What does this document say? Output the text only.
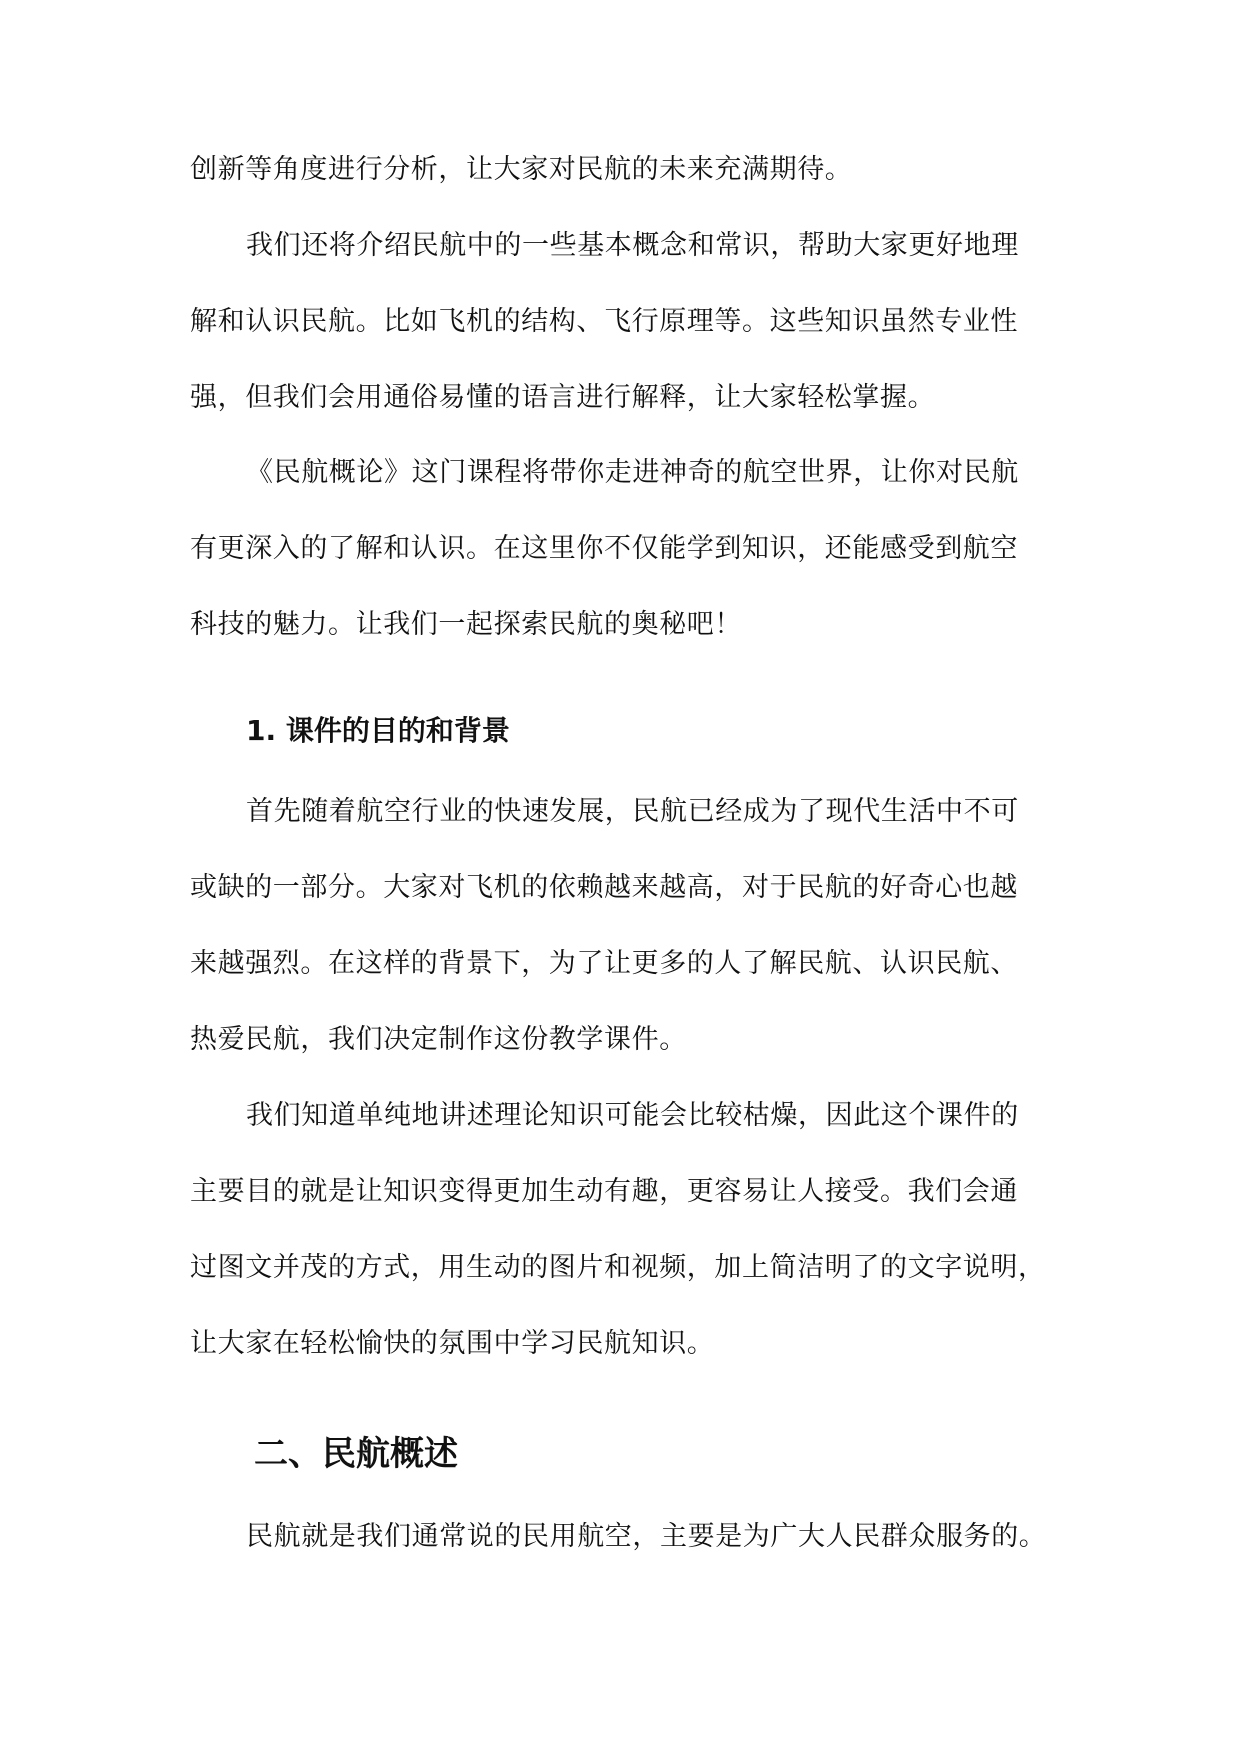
创新等角度进行分析，让大家对民航的未来充满期待。
我们还将介绍民航中的一些基本概念和常识，帮助大家更好地理
解和认识民航。比如飞机的结构、飞行原理等。这些知识虽然专业性
强，但我们会用通俗易懂的语言进行解释，让大家轻松掌握。
《民航概论》这门课程将带你走进神奇的航空世界，让你对民航
有更深入的了解和认识。在这里你不仅能学到知识，还能感受到航空
科技的魅力。让我们一起探索民航的奥秘吧！
1. 课件的目的和背景
首先随着航空行业的快速发展，民航已经成为了现代生活中不可
或缺的一部分。大家对飞机的依赖越来越高，对于民航的好奇心也越
来越强烈。在这样的背景下，为了让更多的人了解民航、认识民航、
热爱民航，我们决定制作这份教学课件。
我们知道单纯地讲述理论知识可能会比较枯燥，因此这个课件的
主要目的就是让知识变得更加生动有趣，更容易让人接受。我们会通
过图文并茂的方式，用生动的图片和视频，加上简洁明了的文字说明，
让大家在轻松愉快的氛围中学习民航知识。
二、民航概述
民航就是我们通常说的民用航空，主要是为广大人民群众服务的。
